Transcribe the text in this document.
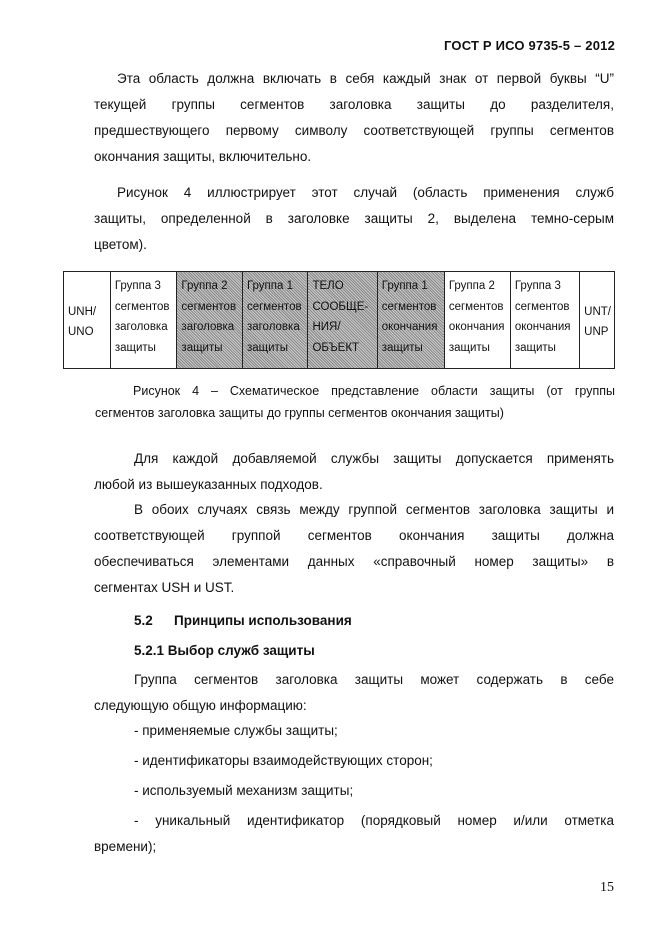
ГОСТ Р ИСО 9735-5 – 2012
Эта область должна включать в себя каждый знак от первой буквы “U”
текущей группы сегментов заголовка защиты до разделителя,
предшествующего первому символу соответствующей группы сегментов
окончания защиты, включительно.
Рисунок 4 иллюстрирует этот случай (область применения служб
защиты, определенной в заголовке защиты 2, выделена темно-серым
цветом).
UNH/
UNO

Группа 3
сегментов
заголовка
защиты

Группа 2
сегментов
заголовка
защиты

Группа 1
сегментов
заголовка
защиты

ТЕЛО
СООБЩЕ-
НИЯ/
ОБЪЕКТ

Группа 1
сегментов
окончания
защиты

Группа 2
сегментов
окончания
защиты

Группа 3
сегментов
окончания
защиты

UNT/
UNP
Рисунок 4 – Схематическое представление области защиты (от группы
сегментов заголовка защиты до группы сегментов окончания защиты)
Для каждой добавляемой службы защиты допускается применять
любой из вышеуказанных подходов.
В обоих случаях связь между группой сегментов заголовка защиты и
соответствующей группой сегментов окончания защиты должна
обеспечиваться элементами данных «справочный номер защиты» в
сегментах USH и UST.
5.2 Принципы использования
5.2.1 Выбор служб защиты
Группа сегментов заголовка защиты может содержать в себе
следующую общую информацию:
- применяемые службы защиты;
- идентификаторы взаимодействующих сторон;
- используемый механизм защиты;
- уникальный идентификатор (порядковый номер и/или отметка
времени);
15
